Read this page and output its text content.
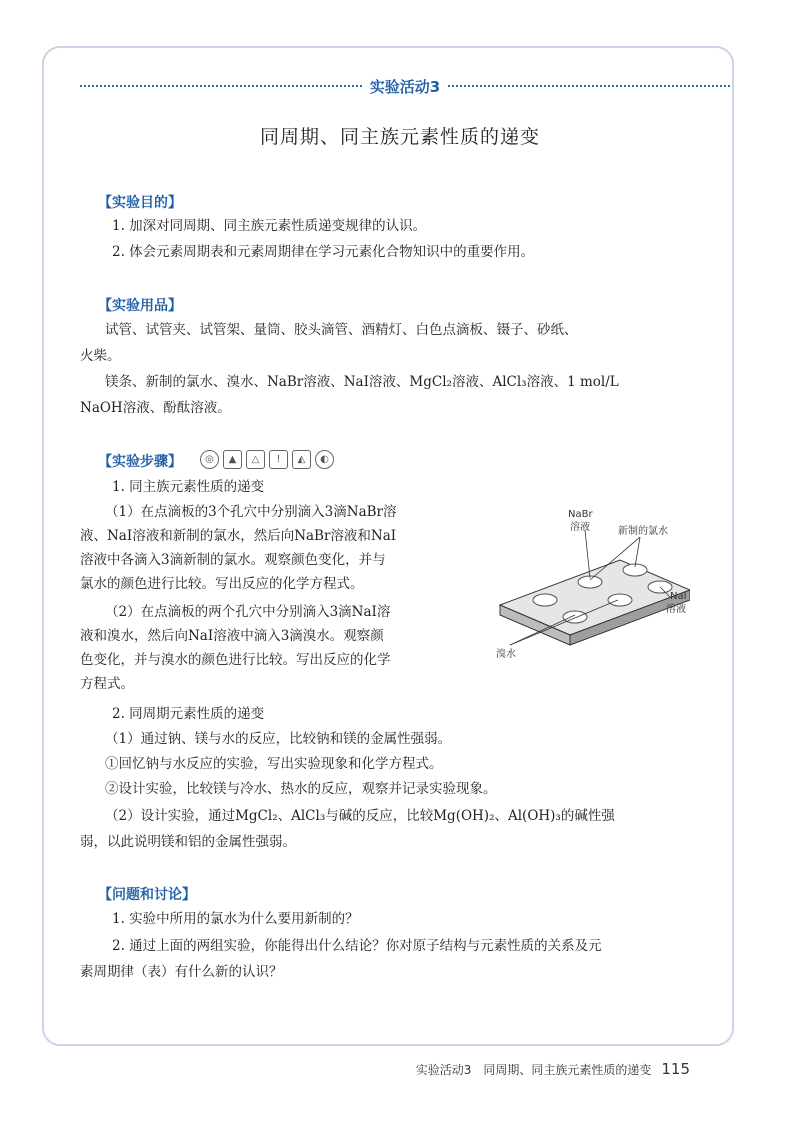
实验活动3
同周期、同主族元素性质的递变
【实验目的】
1. 加深对同周期、同主族元素性质递变规律的认识。
2. 体会元素周期表和元素周期律在学习元素化合物知识中的重要作用。
【实验用品】
试管、试管夹、试管架、量筒、胶头滴管、酒精灯、白色点滴板、镊子、砂纸、
火柴。
镁条、新制的氯水、溴水、NaBr溶液、NaI溶液、MgCl₂溶液、AlCl₃溶液、1 mol/L
NaOH溶液、酚酞溶液。
【实验步骤】	◎	▲	△	!	◭	◐
1. 同主族元素性质的递变
（1）在点滴板的3个孔穴中分别滴入3滴NaBr溶
液、NaI溶液和新制的氯水，然后向NaBr溶液和NaI
溶液中各滴入3滴新制的氯水。观察颜色变化，并与
氯水的颜色进行比较。写出反应的化学方程式。
（2）在点滴板的两个孔穴中分别滴入3滴NaI溶
液和溴水，然后向NaI溶液中滴入3滴溴水。观察颜
色变化，并与溴水的颜色进行比较。写出反应的化学
方程式。
NaBr
溶液	新制的氯水
NaI
溶液
溴水
2. 同周期元素性质的递变
（1）通过钠、镁与水的反应，比较钠和镁的金属性强弱。
①回忆钠与水反应的实验，写出实验现象和化学方程式。
②设计实验，比较镁与冷水、热水的反应，观察并记录实验现象。
（2）设计实验，通过MgCl₂、AlCl₃与碱的反应，比较Mg(OH)₂、Al(OH)₃的碱性强
弱，以此说明镁和铝的金属性强弱。
【问题和讨论】
1. 实验中所用的氯水为什么要用新制的？
2. 通过上面的两组实验，你能得出什么结论？你对原子结构与元素性质的关系及元
素周期律（表）有什么新的认识？
实验活动3　同周期、同主族元素性质的递变 115
